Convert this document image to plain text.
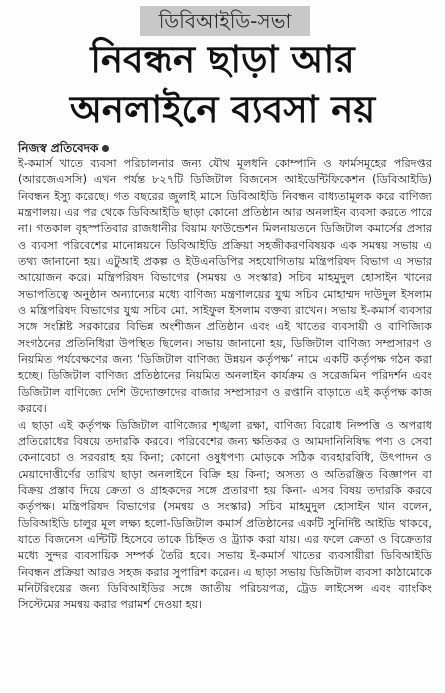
ডিবিআইডি-সভা
নিবন্ধন ছাড়া আর
অনলাইনে ব্যবসা নয়
নিজস্ব প্রতিবেদক

ই-কমার্স খাতে ব্যবসা পরিচালনার জন্য যৌথ মূলধনি কোম্পানি ও ফার্মসমূহের পরিদপ্তর (আরজেএসসি) এখন পর্যন্ত ৮২৭টি ডিজিটাল বিজনেস আইডেন্টিফিকেশন (ডিবিআইডি) নিবন্ধন ইস্যু করেছে। গত বছরের জুলাই মাসে ডিবিআইডি নিবন্ধন বাধ্যতামূলক করে বাণিজ্য মন্ত্রণালয়। এর পর থেকে ডিবিআইডি ছাড়া কোনো প্রতিষ্ঠান আর অনলাইন ব্যবসা করতে পারে না। গতকাল বৃহস্পতিবার রাজধানীর বিয়াম ফাউন্ডেশন মিলনায়তনে ডিজিটাল কমার্সের প্রসার ও ব্যবসা পরিবেশের মানোন্নয়নে ডিবিআইডি প্রক্রিয়া সহজীকরণবিষয়ক এক সমন্বয় সভায় এ তথ্য জানানো হয়। এটুআই প্রকল্প ও ইউএনডিপির সহযোগিতায় মন্ত্রিপরিষদ বিভাগ এ সভার আয়োজন করে। মন্ত্রিপরিষদ বিভাগের (সমন্বয় ও সংস্কার) সচিব মাহমুদুল হোসাইন খানের সভাপতিত্বে অনুষ্ঠান অন্যান্যের মধ্যে বাণিজ্য মন্ত্রণালয়ের যুগ্ম সচিব মোহাম্মদ দাউদুল ইসলাম ও মন্ত্রিপরিষদ বিভাগের যুগ্ম সচিব মো. সাইফুল ইসলাম বক্তব্য রাখেন। সভায় ই-কমার্স ব্যবসার সঙ্গে সংশ্লিষ্ট সরকারের বিভিন্ন অংশীজন প্রতিষ্ঠান এবং এই খাতের ব্যবসায়ী ও বাণিজ্যিক সংগঠনের প্রতিনিধিরা উপস্থিত ছিলেন। সভায় জানানো হয়, ডিজিটাল বাণিজ্য সম্প্রসারণ ও নিয়মিত পর্যবেক্ষণের জন্য ‘ডিজিটাল বাণিজ্য উন্নয়ন কর্তৃপক্ষ’ নামে একটি কর্তৃপক্ষ গঠন করা হচ্ছে। ডিজিটাল বাণিজ্য প্রতিষ্ঠানের নিয়মিত অনলাইন কার্যক্রম ও সরেজমিন পরিদর্শন এবং ডিজিটাল বাণিজ্যে দেশি উদ্যোক্তাদের বাজার সম্প্রসারণ ও রপ্তানি বাড়াতে এই কর্তৃপক্ষ কাজ করবে।

এ ছাড়া এই কর্তৃপক্ষ ডিজিটাল বাণিজ্যের শৃঙ্খলা রক্ষা, বাণিজ্য বিরোধ নিষ্পত্তি ও অপরাধ প্রতিরোধের বিষয়ে তদারকি করবে। পরিবেশের জন্য ক্ষতিকর ও আমদানিনিষিদ্ধ পণ্য ও সেবা কেনাবেচা ও সরবরাহ হয় কিনা; কোনো ওষুধপণ্য মোড়কে সঠিক ব্যবহারবিধি, উৎপাদন ও মেয়াদোত্তীর্ণের তারিখ ছাড়া অনলাইনে বিক্রি হয় কিনা; অসত্য ও অতিরঞ্জিত বিজ্ঞাপন বা বিক্রয় প্রস্তাব দিয়ে ক্রেতা ও গ্রাহকদের সঙ্গে প্রতারণা হয় কিনা- এসব বিষয় তদারকি করবে কর্তৃপক্ষ। মন্ত্রিপরিষদ বিভাগের (সমন্বয় ও সংস্কার) সচিব মাহমুদুল হোসাইন খান বলেন, ডিবিআইডি চালুর মূল লক্ষ্য হলো-ডিজিটাল কমার্স প্রতিষ্ঠানের একটি সুনির্দিষ্ট আইডি থাকবে, যাতে বিজনেস এন্টিটি হিসেবে তাকে চিহ্নিত ও ট্র্যাক করা যায়। এর ফলে ক্রেতা ও বিক্রেতার মধ্যে সুন্দর ব্যবসায়িক সম্পর্ক তৈরি হবে। সভায় ই-কমার্স খাতের ব্যবসায়ীরা ডিবিআইডি নিবন্ধন প্রক্রিয়া আরও সহজ করার সুপারিশ করেন। এ ছাড়া সভায় ডিজিটাল ব্যবসা কাঠামোকে মনিটরিংয়ের জন্য ডিবিআইডির সঙ্গে জাতীয় পরিচয়পত্র, ট্রেড লাইসেন্স এবং ব্যাংকিং সিস্টেমের সমন্বয় করার পরামর্শ দেওয়া হয়।
